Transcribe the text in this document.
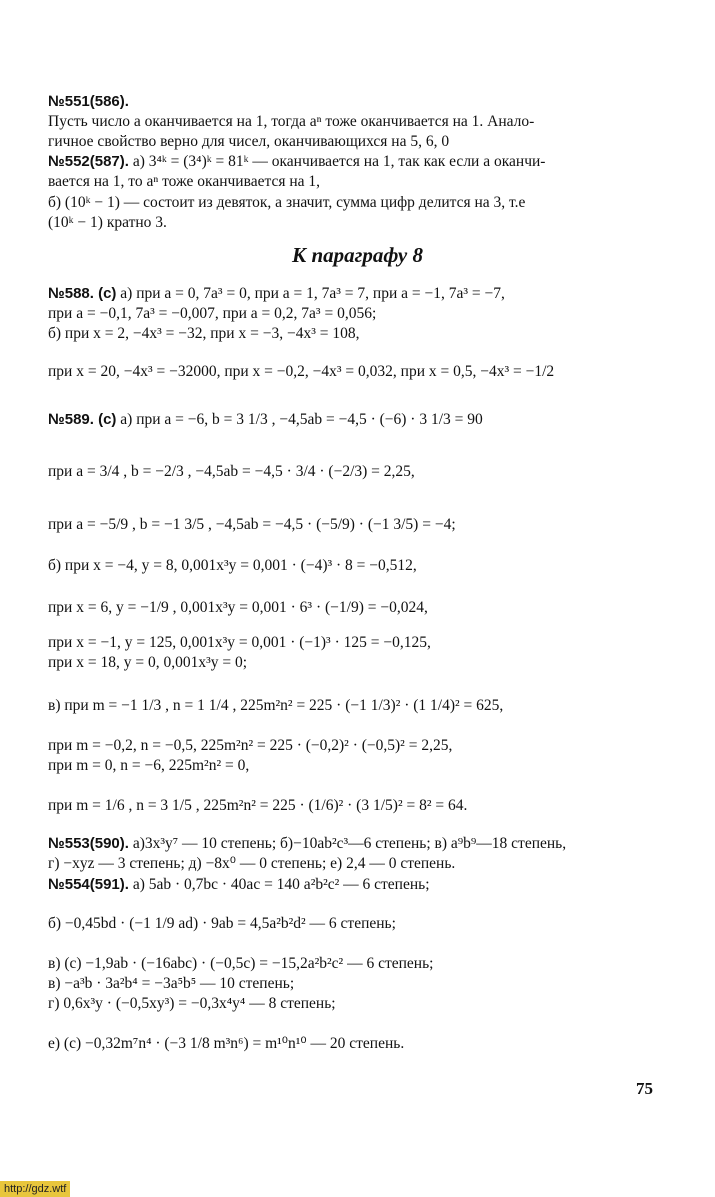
№551(586).
Пусть число a оканчивается на 1, тогда aⁿ тоже оканчивается на 1. Анало-
гичное свойство верно для чисел, оканчивающихся на 5, 6, 0
№552(587). а) 3⁴ᵏ = (3⁴)ᵏ = 81ᵏ — оканчивается на 1, так как если a оканчи-
вается на 1, то aⁿ тоже оканчивается на 1,
б) (10ᵏ − 1) — состоит из девяток, а значит, сумма цифр делится на 3, т.е
(10ᵏ − 1) кратно 3.
К параграфу 8
№588. (с) а) при a = 0, 7a³ = 0, при a = 1, 7a³ = 7, при a = −1, 7a³ = −7,
при a = −0,1, 7a³ = −0,007, при a = 0,2, 7a³ = 0,056;
б) при x = 2, −4x³ = −32, при x = −3, −4x³ = 108,
при x = 20, −4x³ = −32000, при x = −0,2, −4x³ = 0,032, при x = 0,5, −4x³ = −1/2
№589. (с) а) при a = −6, b = 3 1/3 , −4,5ab = −4,5 · (−6) · 3 1/3 = 90
при a = 3/4 , b = −2/3 , −4,5ab = −4,5 · 3/4 · (−2/3) = 2,25,
при a = −5/9 , b = −1 3/5 , −4,5ab = −4,5 · (−5/9) · (−1 3/5) = −4;
б) при x = −4, y = 8, 0,001x³y = 0,001 · (−4)³ · 8 = −0,512,
при x = 6, y = −1/9 , 0,001x³y = 0,001 · 6³ · (−1/9) = −0,024,
при x = −1, y = 125, 0,001x³y = 0,001 · (−1)³ · 125 = −0,125,
при x = 18, y = 0, 0,001x³y = 0;
в) при m = −1 1/3 , n = 1 1/4 , 225m²n² = 225 · (−1 1/3)² · (1 1/4)² = 625,
при m = −0,2, n = −0,5, 225m²n² = 225 · (−0,2)² · (−0,5)² = 2,25,
при m = 0, n = −6, 225m²n² = 0,
при m = 1/6 , n = 3 1/5 , 225m²n² = 225 · (1/6)² · (3 1/5)² = 8² = 64.
№553(590). а)3x³y⁷ — 10 степень; б)−10ab²c³—6 степень; в) a⁹b⁹—18 степень,
г) −xyz — 3 степень; д) −8x⁰ — 0 степень; е) 2,4 — 0 степень.
№554(591). а) 5ab · 0,7bc · 40ac = 140 a²b²c² — 6 степень;
б) −0,45bd · (−1 1/9 ad) · 9ab = 4,5a²b²d² — 6 степень;
в) (с) −1,9ab · (−16abc) · (−0,5c) = −15,2a²b²c² — 6 степень;
в) −a³b · 3a²b⁴ = −3a⁵b⁵ — 10 степень;
г) 0,6x³y · (−0,5xy³) = −0,3x⁴y⁴ — 8 степень;
е) (с) −0,32m⁷n⁴ · (−3 1/8 m³n⁶) = m¹⁰n¹⁰ — 20 степень.
75
http://gdz.wtf
